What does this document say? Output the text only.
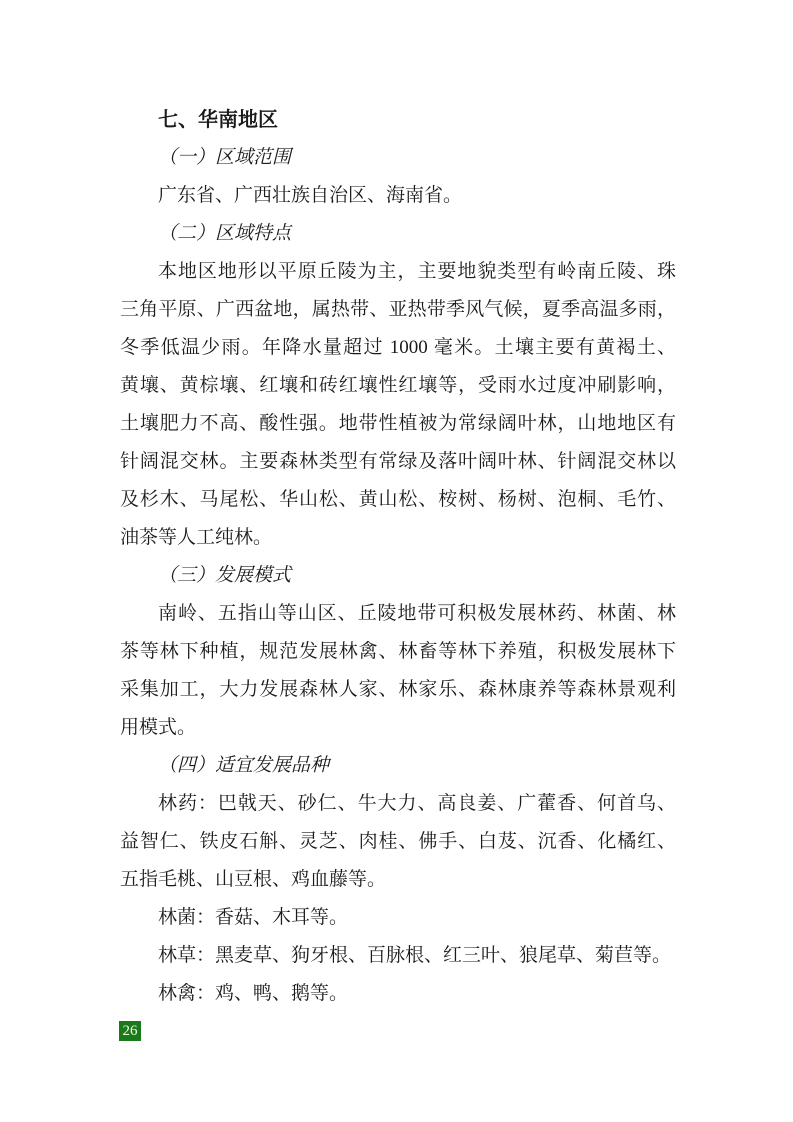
七、华南地区
（一）区域范围
广东省、广西壮族自治区、海南省。
（二）区域特点
本地区地形以平原丘陵为主，主要地貌类型有岭南丘陵、珠
三角平原、广西盆地，属热带、亚热带季风气候，夏季高温多雨，
冬季低温少雨。年降水量超过 1000 毫米。土壤主要有黄褐土、
黄壤、黄棕壤、红壤和砖红壤性红壤等，受雨水过度冲刷影响，
土壤肥力不高、酸性强。地带性植被为常绿阔叶林，山地地区有
针阔混交林。主要森林类型有常绿及落叶阔叶林、针阔混交林以
及杉木、马尾松、华山松、黄山松、桉树、杨树、泡桐、毛竹、
油茶等人工纯林。
（三）发展模式
南岭、五指山等山区、丘陵地带可积极发展林药、林菌、林
茶等林下种植，规范发展林禽、林畜等林下养殖，积极发展林下
采集加工，大力发展森林人家、林家乐、森林康养等森林景观利
用模式。
（四）适宜发展品种
林药：巴戟天、砂仁、牛大力、高良姜、广藿香、何首乌、
益智仁、铁皮石斛、灵芝、肉桂、佛手、白芨、沉香、化橘红、
五指毛桃、山豆根、鸡血藤等。
林菌：香菇、木耳等。
林草：黑麦草、狗牙根、百脉根、红三叶、狼尾草、菊苣等。
林禽：鸡、鸭、鹅等。
26
